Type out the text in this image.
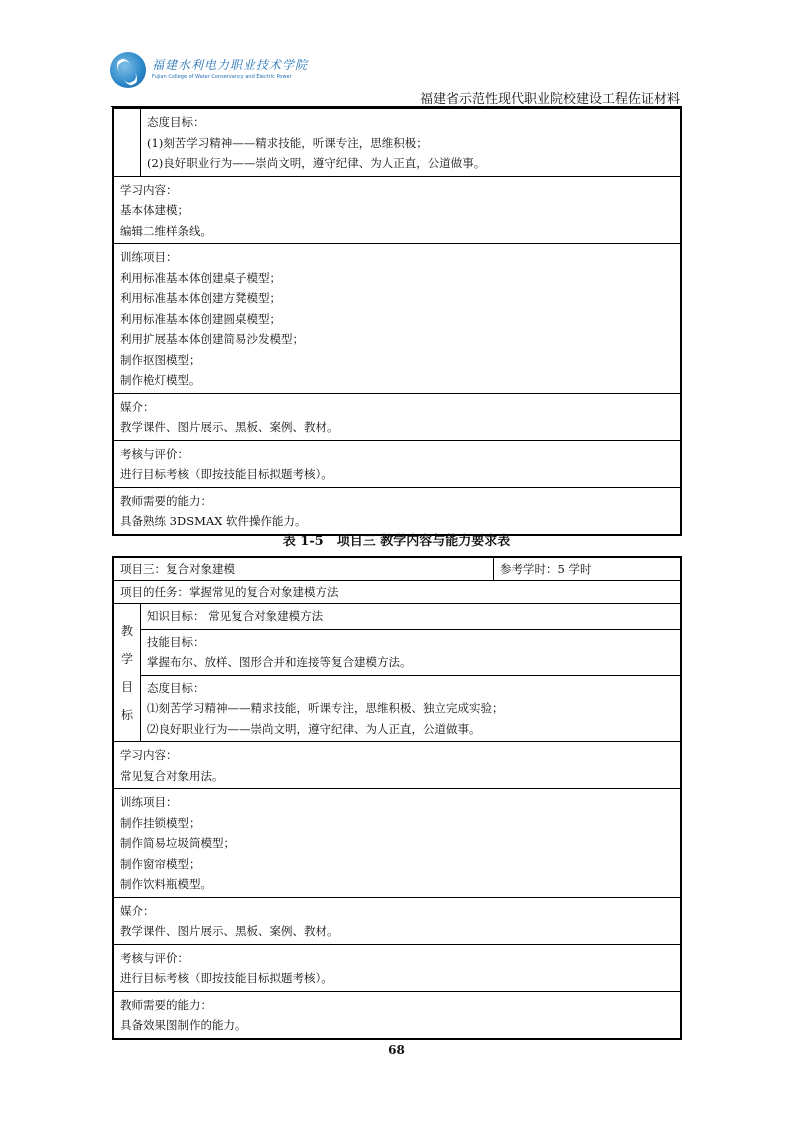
福建水利电力职业技术学院
Fujian College of Water Conservancy and Electric Power
福建省示范性现代职业院校建设工程佐证材料
态度目标：
(1)刻苦学习精神——精求技能，听课专注，思维积极；
(2)良好职业行为——崇尚文明，遵守纪律、为人正直，公道做事。
学习内容：
基本体建模；
编辑二维样条线。
训练项目：
利用标准基本体创建桌子模型；
利用标准基本体创建方凳模型；
利用标准基本体创建圆桌模型；
利用扩展基本体创建简易沙发模型；
制作抠图模型；
制作桅灯模型。
媒介：
教学课件、图片展示、黑板、案例、教材。
考核与评价：
进行目标考核（即按技能目标拟题考核）。
教师需要的能力：
具备熟练 3DSMAX 软件操作能力。
表 1-5　项目三 教学内容与能力要求表
项目三：复合对象建模	参考学时：5 学时
项目的任务：掌握常见的复合对象建模方法
教
学
目
标
知识目标： 常见复合对象建模方法
技能目标：
掌握布尔、放样、图形合并和连接等复合建模方法。
态度目标：
⑴刻苦学习精神——精求技能，听课专注，思维积极、独立完成实验；
⑵良好职业行为——崇尚文明，遵守纪律、为人正直，公道做事。
学习内容：
常见复合对象用法。
训练项目：
制作挂锁模型；
制作简易垃圾筒模型；
制作窗帘模型；
制作饮料瓶模型。
媒介：
教学课件、图片展示、黑板、案例、教材。
考核与评价：
进行目标考核（即按技能目标拟题考核）。
教师需要的能力：
具备效果图制作的能力。
68
